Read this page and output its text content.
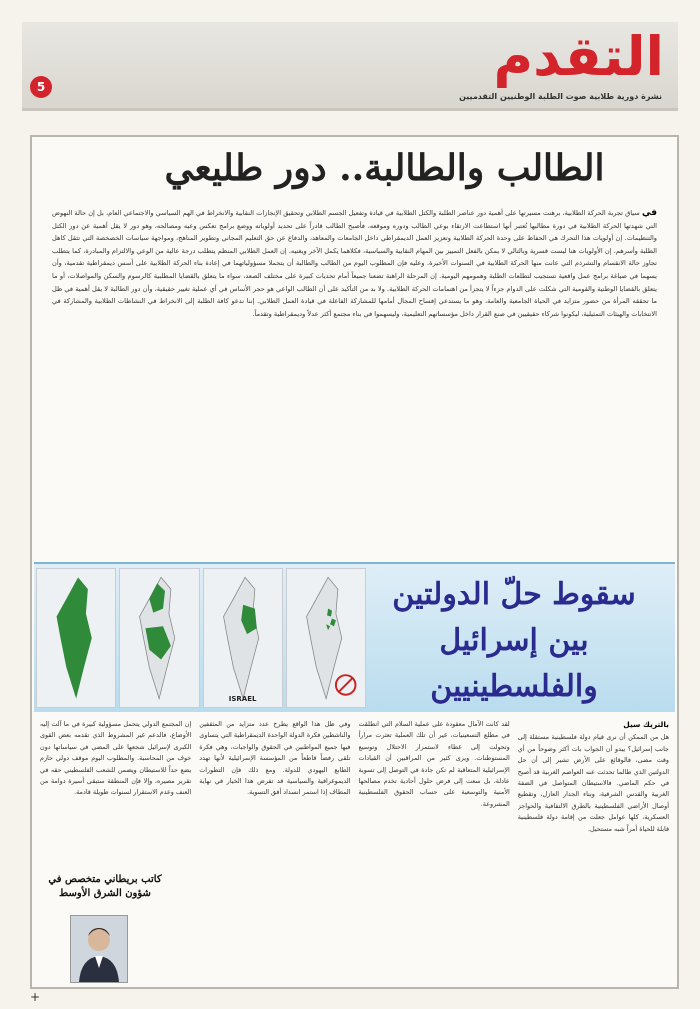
5	التقدم
نشرة دورية طلابية صوت الطلبة الوطنيين التقدميين
الطالب والطالبة.. دور طليعي

في سياق تجربة الحركة الطلابية، برهنت مسيرتها على أهمية دور عناصر الطلبة والكتل الطلابية في قيادة وتفعيل الجسم الطلابي وتحقيق الإنجازات النقابية والانخراط في الهم السياسي والاجتماعي العام، بل إن حالة النهوض التي شهدتها الحركة الطلابية في دورة مطالبها تُعتبر أنها استطاعت الارتقاء بوعي الطالب ودوره وموقعه، فأصبح الطالب قادراً على تحديد أولوياته ووضع برامج تعكس وعيه ومصالحه، وهو دور لا يقل أهمية عن دور الكتل والتنظيمات. إن أولويات هذا التحرك هي الحفاظ على وحدة الحركة الطلابية وتعزيز العمل الديمقراطي داخل الجامعات والمعاهد، والدفاع عن حق التعليم المجاني وتطوير المناهج، ومواجهة سياسات الخصخصة التي تثقل كاهل الطلبة وأسرهم. إن الأولويات هنا ليست قسرية وبالتالي لا يمكن بالفعل التمييز بين المهام النقابية والسياسية، فكلاهما يكمل الآخر ويغنيه. إن العمل الطلابي المنظم يتطلب درجة عالية من الوعي والالتزام والمبادرة، كما يتطلب تجاوز حالة الانقسام والتشرذم التي عانت منها الحركة الطلابية في السنوات الأخيرة. وعليه فإن المطلوب اليوم من الطالب والطالبة أن يتحملا مسؤولياتهما في إعادة بناء الحركة الطلابية على أسس ديمقراطية تقدمية، وأن يسهما في صياغة برامج عمل واقعية تستجيب لتطلعات الطلبة وهمومهم اليومية. إن المرحلة الراهنة تضعنا جميعاً أمام تحديات كبيرة على مختلف الصعد، سواء ما يتعلق بالقضايا المطلبية كالرسوم والسكن والمواصلات، أو ما يتعلق بالقضايا الوطنية والقومية التي شكلت على الدوام جزءاً لا يتجزأ من اهتمامات الحركة الطلابية. ولا بد من التأكيد على أن الطالب الواعي هو حجر الأساس في أي عملية تغيير حقيقية، وأن دور الطالبة لا يقل أهمية في ظل ما تحققه المرأة من حضور متزايد في الحياة الجامعية والعامة، وهو ما يستدعي إفساح المجال أمامها للمشاركة الفاعلة في قيادة العمل الطلابي. إننا ندعو كافة الطلبة إلى الانخراط في النشاطات الطلابية والمشاركة في الانتخابات والهيئات التمثيلية، ليكونوا شركاء حقيقيين في صنع القرار داخل مؤسساتهم التعليمية، وليسهموا في بناء مجتمع أكثر عدلاً وديمقراطية وتقدماً.

ISRAEL
سقوط حلّ الدولتين بين إسرائيل والفلسطينيين
بالتريك سيل
هل من الممكن أن نرى قيام دولة فلسطينية مستقلة إلى جانب إسرائيل؟ يبدو أن الجواب بات أكثر وضوحاً من أي وقت مضى، فالوقائع على الأرض تشير إلى أن حل الدولتين الذي طالما تحدثت عنه العواصم الغربية قد أصبح في حكم الماضي. فالاستيطان المتواصل في الضفة الغربية والقدس الشرقية، وبناء الجدار العازل، وتقطيع أوصال الأراضي الفلسطينية بالطرق الالتفافية والحواجز العسكرية، كلها عوامل جعلت من إقامة دولة فلسطينية قابلة للحياة أمراً شبه مستحيل.
لقد كانت الآمال معقودة على عملية السلام التي انطلقت في مطلع التسعينيات، غير أن تلك العملية تعثرت مراراً وتحولت إلى غطاء لاستمرار الاحتلال وتوسيع المستوطنات. ويرى كثير من المراقبين أن القيادات الإسرائيلية المتعاقبة لم تكن جادة في التوصل إلى تسوية عادلة، بل سعت إلى فرض حلول أحادية تخدم مصالحها الأمنية والتوسعية على حساب الحقوق الفلسطينية المشروعة.
وفي ظل هذا الواقع يطرح عدد متزايد من المثقفين والناشطين فكرة الدولة الواحدة الديمقراطية التي يتساوى فيها جميع المواطنين في الحقوق والواجبات، وهي فكرة تلقى رفضاً قاطعاً من المؤسسة الإسرائيلية لأنها تهدد الطابع اليهودي للدولة. ومع ذلك فإن التطورات الديموغرافية والسياسية قد تفرض هذا الخيار في نهاية المطاف إذا استمر انسداد أفق التسوية.
إن المجتمع الدولي يتحمل مسؤولية كبيرة في ما آلت إليه الأوضاع، فالدعم غير المشروط الذي تقدمه بعض القوى الكبرى لإسرائيل شجعها على المضي في سياساتها دون خوف من المحاسبة. والمطلوب اليوم موقف دولي حازم يضع حداً للاستيطان ويضمن للشعب الفلسطيني حقه في تقرير مصيره، وإلا فإن المنطقة ستبقى أسيرة دوامة من العنف وعدم الاستقرار لسنوات طويلة قادمة.
كاتب بريطاني متخصص في شؤون الشرق الأوسط
+
